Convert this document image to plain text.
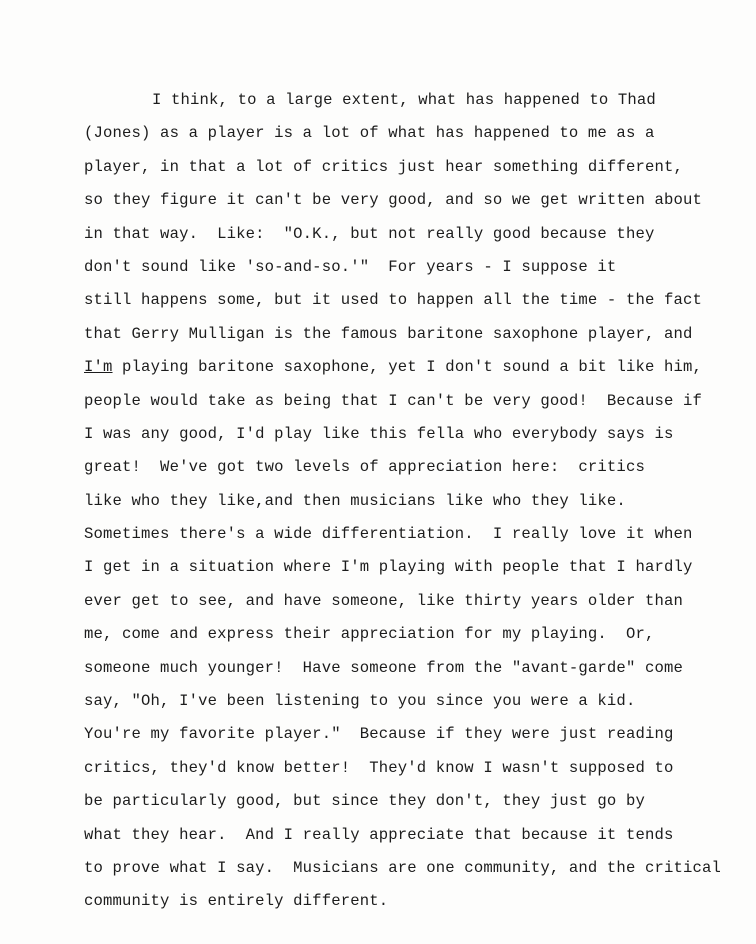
I think, to a large extent, what has happened to Thad
(Jones) as a player is a lot of what has happened to me as a
player, in that a lot of critics just hear something different,
so they figure it can't be very good, and so we get written about
in that way.  Like:  "O.K., but not really good because they
don't sound like 'so-and-so.'"  For years - I suppose it
still happens some, but it used to happen all the time - the fact
that Gerry Mulligan is the famous baritone saxophone player, and
I'm playing baritone saxophone, yet I don't sound a bit like him,
people would take as being that I can't be very good!  Because if
I was any good, I'd play like this fella who everybody says is
great!  We've got two levels of appreciation here:  critics
like who they like,and then musicians like who they like.
Sometimes there's a wide differentiation.  I really love it when
I get in a situation where I'm playing with people that I hardly
ever get to see, and have someone, like thirty years older than
me, come and express their appreciation for my playing.  Or,
someone much younger!  Have someone from the "avant-garde" come
say, "Oh, I've been listening to you since you were a kid.
You're my favorite player."  Because if they were just reading
critics, they'd know better!  They'd know I wasn't supposed to
be particularly good, but since they don't, they just go by
what they hear.  And I really appreciate that because it tends
to prove what I say.  Musicians are one community, and the critical
community is entirely different.
